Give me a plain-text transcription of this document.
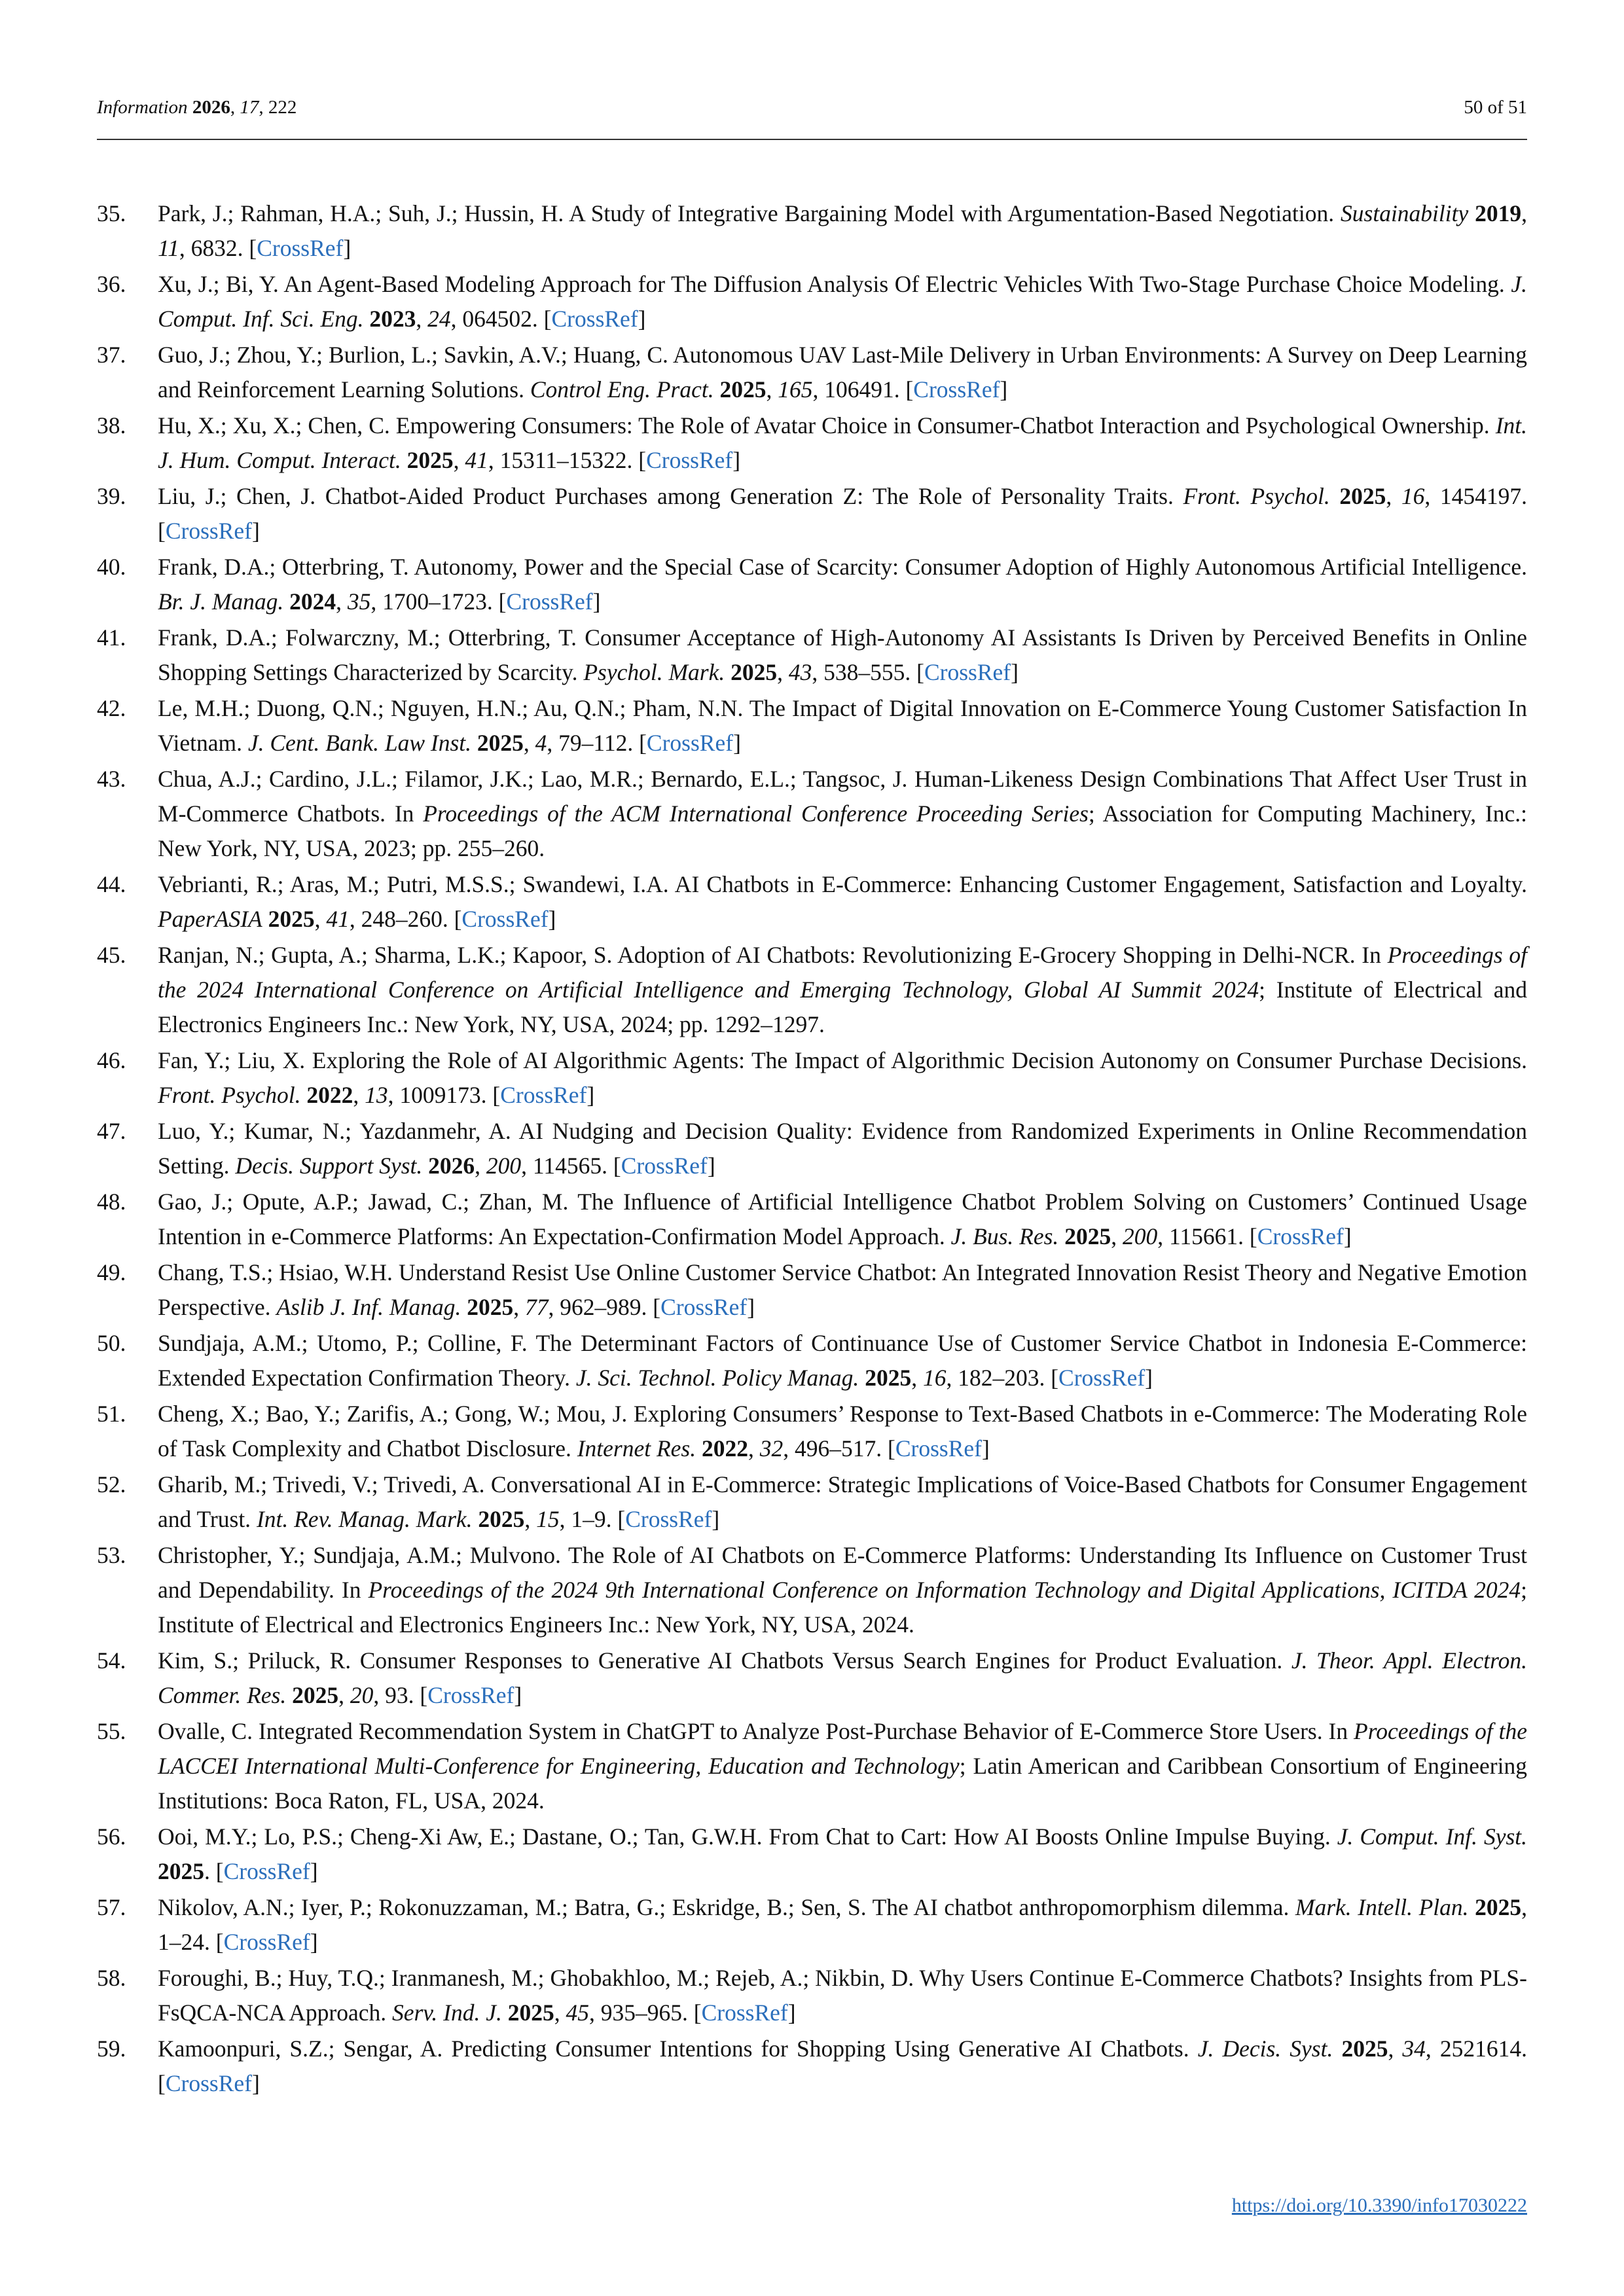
Information 2026, 17, 222	50 of 51
35. Park, J.; Rahman, H.A.; Suh, J.; Hussin, H. A Study of Integrative Bargaining Model with Argumentation-Based Negotiation. Sustainability 2019, 11, 6832. [CrossRef]
36. Xu, J.; Bi, Y. An Agent-Based Modeling Approach for The Diffusion Analysis Of Electric Vehicles With Two-Stage Purchase Choice Modeling. J. Comput. Inf. Sci. Eng. 2023, 24, 064502. [CrossRef]
37. Guo, J.; Zhou, Y.; Burlion, L.; Savkin, A.V.; Huang, C. Autonomous UAV Last-Mile Delivery in Urban Environments: A Survey on Deep Learning and Reinforcement Learning Solutions. Control Eng. Pract. 2025, 165, 106491. [CrossRef]
38. Hu, X.; Xu, X.; Chen, C. Empowering Consumers: The Role of Avatar Choice in Consumer-Chatbot Interaction and Psychological Ownership. Int. J. Hum. Comput. Interact. 2025, 41, 15311–15322. [CrossRef]
39. Liu, J.; Chen, J. Chatbot-Aided Product Purchases among Generation Z: The Role of Personality Traits. Front. Psychol. 2025, 16, 1454197. [CrossRef]
40. Frank, D.A.; Otterbring, T. Autonomy, Power and the Special Case of Scarcity: Consumer Adoption of Highly Autonomous Artificial Intelligence. Br. J. Manag. 2024, 35, 1700–1723. [CrossRef]
41. Frank, D.A.; Folwarczny, M.; Otterbring, T. Consumer Acceptance of High-Autonomy AI Assistants Is Driven by Perceived Benefits in Online Shopping Settings Characterized by Scarcity. Psychol. Mark. 2025, 43, 538–555. [CrossRef]
42. Le, M.H.; Duong, Q.N.; Nguyen, H.N.; Au, Q.N.; Pham, N.N. The Impact of Digital Innovation on E-Commerce Young Customer Satisfaction In Vietnam. J. Cent. Bank. Law Inst. 2025, 4, 79–112. [CrossRef]
43. Chua, A.J.; Cardino, J.L.; Filamor, J.K.; Lao, M.R.; Bernardo, E.L.; Tangsoc, J. Human-Likeness Design Combinations That Affect User Trust in M-Commerce Chatbots. In Proceedings of the ACM International Conference Proceeding Series; Association for Computing Machinery, Inc.: New York, NY, USA, 2023; pp. 255–260.
44. Vebrianti, R.; Aras, M.; Putri, M.S.S.; Swandewi, I.A. AI Chatbots in E-Commerce: Enhancing Customer Engagement, Satisfaction and Loyalty. PaperASIA 2025, 41, 248–260. [CrossRef]
45. Ranjan, N.; Gupta, A.; Sharma, L.K.; Kapoor, S. Adoption of AI Chatbots: Revolutionizing E-Grocery Shopping in Delhi-NCR. In Proceedings of the 2024 International Conference on Artificial Intelligence and Emerging Technology, Global AI Summit 2024; Institute of Electrical and Electronics Engineers Inc.: New York, NY, USA, 2024; pp. 1292–1297.
46. Fan, Y.; Liu, X. Exploring the Role of AI Algorithmic Agents: The Impact of Algorithmic Decision Autonomy on Consumer Purchase Decisions. Front. Psychol. 2022, 13, 1009173. [CrossRef]
47. Luo, Y.; Kumar, N.; Yazdanmehr, A. AI Nudging and Decision Quality: Evidence from Randomized Experiments in Online Recommendation Setting. Decis. Support Syst. 2026, 200, 114565. [CrossRef]
48. Gao, J.; Opute, A.P.; Jawad, C.; Zhan, M. The Influence of Artificial Intelligence Chatbot Problem Solving on Customers’ Continued Usage Intention in e-Commerce Platforms: An Expectation-Confirmation Model Approach. J. Bus. Res. 2025, 200, 115661. [CrossRef]
49. Chang, T.S.; Hsiao, W.H. Understand Resist Use Online Customer Service Chatbot: An Integrated Innovation Resist Theory and Negative Emotion Perspective. Aslib J. Inf. Manag. 2025, 77, 962–989. [CrossRef]
50. Sundjaja, A.M.; Utomo, P.; Colline, F. The Determinant Factors of Continuance Use of Customer Service Chatbot in Indonesia E-Commerce: Extended Expectation Confirmation Theory. J. Sci. Technol. Policy Manag. 2025, 16, 182–203. [CrossRef]
51. Cheng, X.; Bao, Y.; Zarifis, A.; Gong, W.; Mou, J. Exploring Consumers’ Response to Text-Based Chatbots in e-Commerce: The Moderating Role of Task Complexity and Chatbot Disclosure. Internet Res. 2022, 32, 496–517. [CrossRef]
52. Gharib, M.; Trivedi, V.; Trivedi, A. Conversational AI in E-Commerce: Strategic Implications of Voice-Based Chatbots for Consumer Engagement and Trust. Int. Rev. Manag. Mark. 2025, 15, 1–9. [CrossRef]
53. Christopher, Y.; Sundjaja, A.M.; Mulvono. The Role of AI Chatbots on E-Commerce Platforms: Understanding Its Influence on Customer Trust and Dependability. In Proceedings of the 2024 9th International Conference on Information Technology and Digital Applications, ICITDA 2024; Institute of Electrical and Electronics Engineers Inc.: New York, NY, USA, 2024.
54. Kim, S.; Priluck, R. Consumer Responses to Generative AI Chatbots Versus Search Engines for Product Evaluation. J. Theor. Appl. Electron. Commer. Res. 2025, 20, 93. [CrossRef]
55. Ovalle, C. Integrated Recommendation System in ChatGPT to Analyze Post-Purchase Behavior of E-Commerce Store Users. In Proceedings of the LACCEI International Multi-Conference for Engineering, Education and Technology; Latin American and Caribbean Consortium of Engineering Institutions: Boca Raton, FL, USA, 2024.
56. Ooi, M.Y.; Lo, P.S.; Cheng-Xi Aw, E.; Dastane, O.; Tan, G.W.H. From Chat to Cart: How AI Boosts Online Impulse Buying. J. Comput. Inf. Syst. 2025. [CrossRef]
57. Nikolov, A.N.; Iyer, P.; Rokonuzzaman, M.; Batra, G.; Eskridge, B.; Sen, S. The AI chatbot anthropomorphism dilemma. Mark. Intell. Plan. 2025, 1–24. [CrossRef]
58. Foroughi, B.; Huy, T.Q.; Iranmanesh, M.; Ghobakhloo, M.; Rejeb, A.; Nikbin, D. Why Users Continue E-Commerce Chatbots? Insights from PLS-FsQCA-NCA Approach. Serv. Ind. J. 2025, 45, 935–965. [CrossRef]
59. Kamoonpuri, S.Z.; Sengar, A. Predicting Consumer Intentions for Shopping Using Generative AI Chatbots. J. Decis. Syst. 2025, 34, 2521614. [CrossRef]
https://doi.org/10.3390/info17030222
